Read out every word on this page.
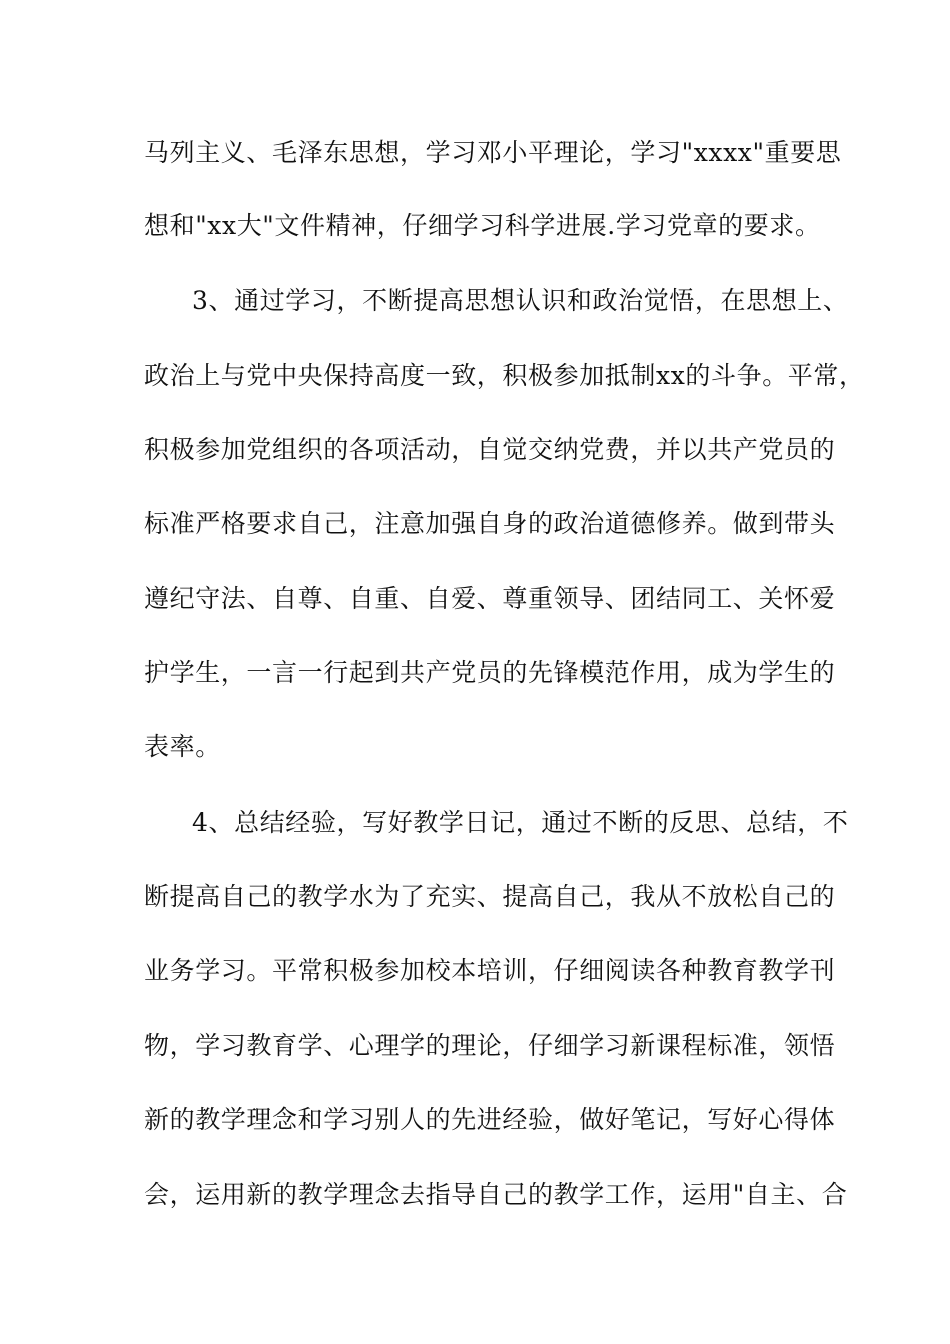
马列主义、毛泽东思想，学习邓小平理论，学习"xxxx"重要思
想和"xx大"文件精神，仔细学习科学进展.学习党章的要求。
3、通过学习，不断提高思想认识和政治觉悟，在思想上、
政治上与党中央保持高度一致，积极参加抵制xx的斗争。平常，
积极参加党组织的各项活动，自觉交纳党费，并以共产党员的
标准严格要求自己，注意加强自身的政治道德修养。做到带头
遵纪守法、自尊、自重、自爱、尊重领导、团结同工、关怀爱
护学生，一言一行起到共产党员的先锋模范作用，成为学生的
表率。
4、总结经验，写好教学日记，通过不断的反思、总结，不
断提高自己的教学水为了充实、提高自己，我从不放松自己的
业务学习。平常积极参加校本培训，仔细阅读各种教育教学刊
物，学习教育学、心理学的理论，仔细学习新课程标准，领悟
新的教学理念和学习别人的先进经验，做好笔记，写好心得体
会，运用新的教学理念去指导自己的教学工作，运用"自主、合
